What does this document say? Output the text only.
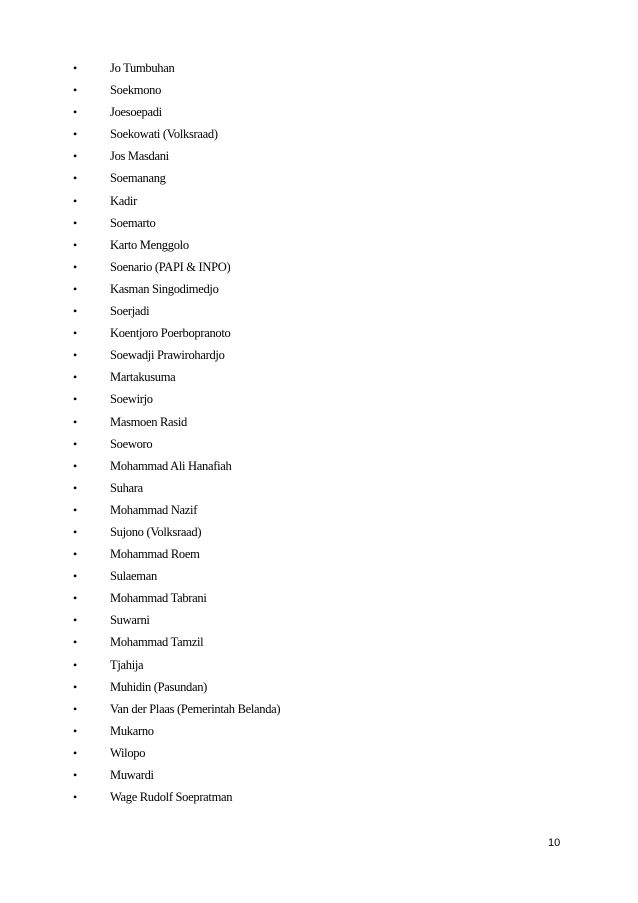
•	Jo Tumbuhan
•	Soekmono
•	Joesoepadi
•	Soekowati (Volksraad)
•	Jos Masdani
•	Soemanang
•	Kadir
•	Soemarto
•	Karto Menggolo
•	Soenario (PAPI & INPO)
•	Kasman Singodimedjo
•	Soerjadi
•	Koentjoro Poerbopranoto
•	Soewadji Prawirohardjo
•	Martakusuma
•	Soewirjo
•	Masmoen Rasid
•	Soeworo
•	Mohammad Ali Hanafiah
•	Suhara
•	Mohammad Nazif
•	Sujono (Volksraad)
•	Mohammad Roem
•	Sulaeman
•	Mohammad Tabrani
•	Suwarni
•	Mohammad Tamzil
•	Tjahija
•	Muhidin (Pasundan)
•	Van der Plaas (Pemerintah Belanda)
•	Mukarno
•	Wilopo
•	Muwardi
•	Wage Rudolf Soepratman
10
